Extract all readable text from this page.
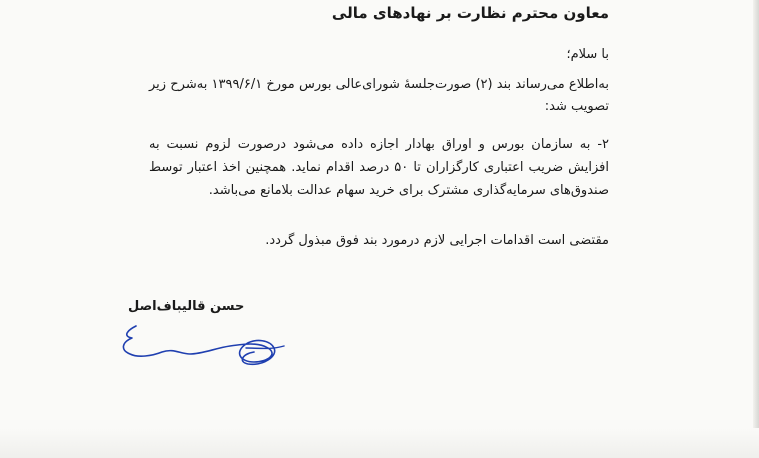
معاون محترم نظارت بر نهادهای مالی
با سلام؛
به‌اطلاع می‌رساند بند (۲) صورت‌جلسهٔ شورای‌عالی بورس مورخ ۱۳۹۹/۶/۱ به‌شرح زیر تصویب شد:
۲- به سازمان بورس و اوراق بهادار اجازه داده می‌شود درصورت لزوم نسبت به افزایش ضریب اعتباری کارگزاران تا ۵۰ درصد اقدام نماید. همچنین اخذ اعتبار توسط صندوق‌های سرمایه‌گذاری مشترک برای خرید سهام عدالت بلامانع می‌باشد.
مقتضی است اقدامات اجرایی لازم درمورد بند فوق مبذول گردد.
حسن قالیباف‌اصل
